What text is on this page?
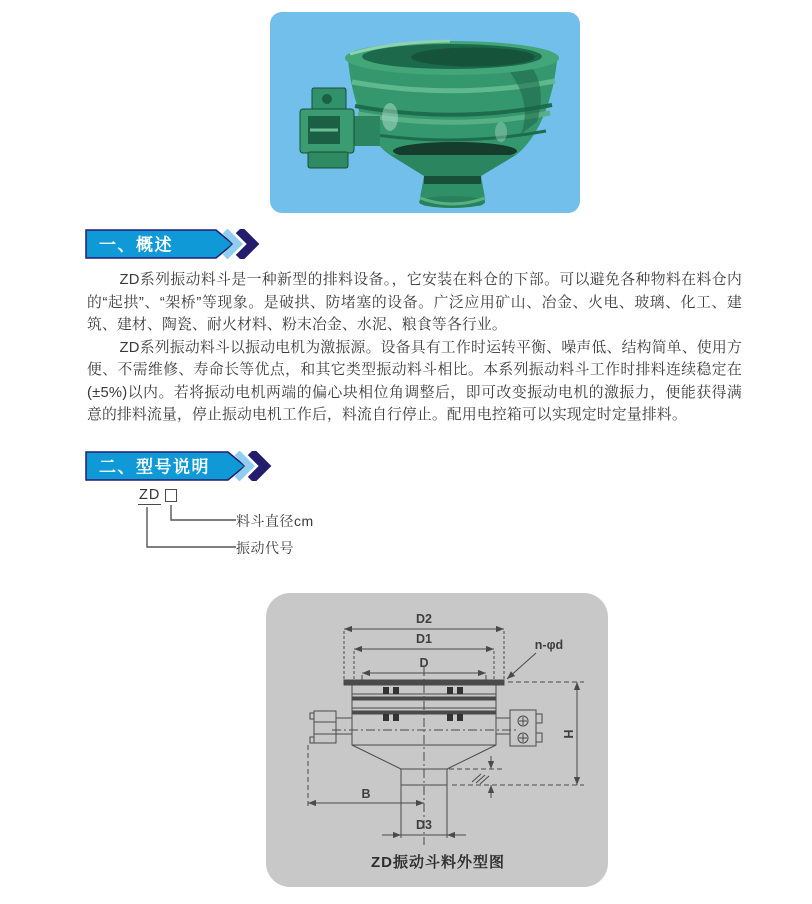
一、概述

ZD系列振动料斗是一种新型的排料设备。，它安装在料仓的下部。可以避免各种物料在料仓内的“起拱”、“架桥”等现象。是破拱、防堵塞的设备。广泛应用矿山、冶金、火电、玻璃、化工、建筑、建材、陶瓷、耐火材料、粉末冶金、水泥、粮食等各行业。

ZD系列振动料斗以振动电机为激振源。设备具有工作时运转平衡、噪声低、结构简单、使用方便、不需维修、寿命长等优点，和其它类型振动料斗相比。本系列振动料斗工作时排料连续稳定在(±5%)以内。若将振动电机两端的偏心块相位角调整后，即可改变振动电机的激振力，便能获得满意的排料流量，停止振动电机工作后，料流自行停止。配用电控箱可以实现定时定量排料。

二、型号说明
ZD
料斗直径cm
振动代号
D2
D1
D
n-φd
H
B
D3
ZD振动斗料外型图
